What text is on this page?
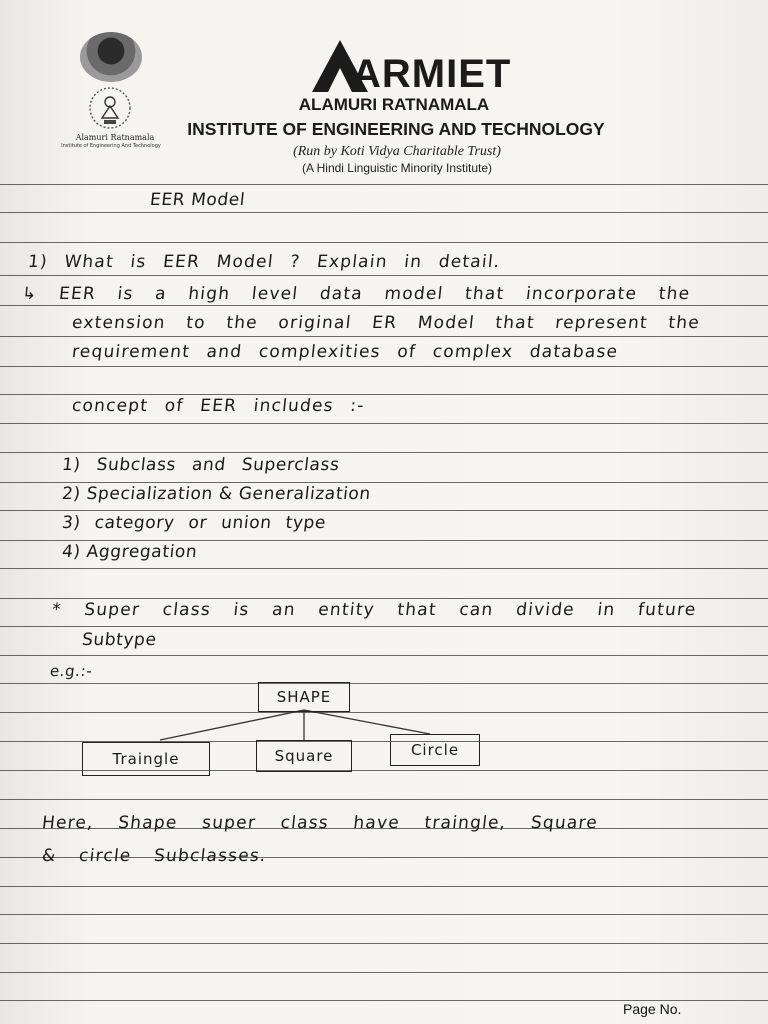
Alamuri Ratnamala
Institute of Engineering And Technology
ARMIET
ALAMURI RATNAMALA
INSTITUTE OF ENGINEERING AND TECHNOLOGY
(Run by Koti Vidya Charitable Trust)
(A Hindi Linguistic Minority Institute)
EER Model
1) What is EER Model ? Explain in detail.
↳ EER is a high level data model that incorporate the
extension to the original ER Model that represent the
requirement and complexities of complex database
concept of EER includes :-
1) Subclass and Superclass
2) Specialization & Generalization
3) category or union type
4) Aggregation
* Super class is an entity that can divide in future
Subtype
e.g.:-
SHAPE
Traingle	Square	Circle
Here, Shape super class have traingle, Square
& circle Subclasses.
Page No.
